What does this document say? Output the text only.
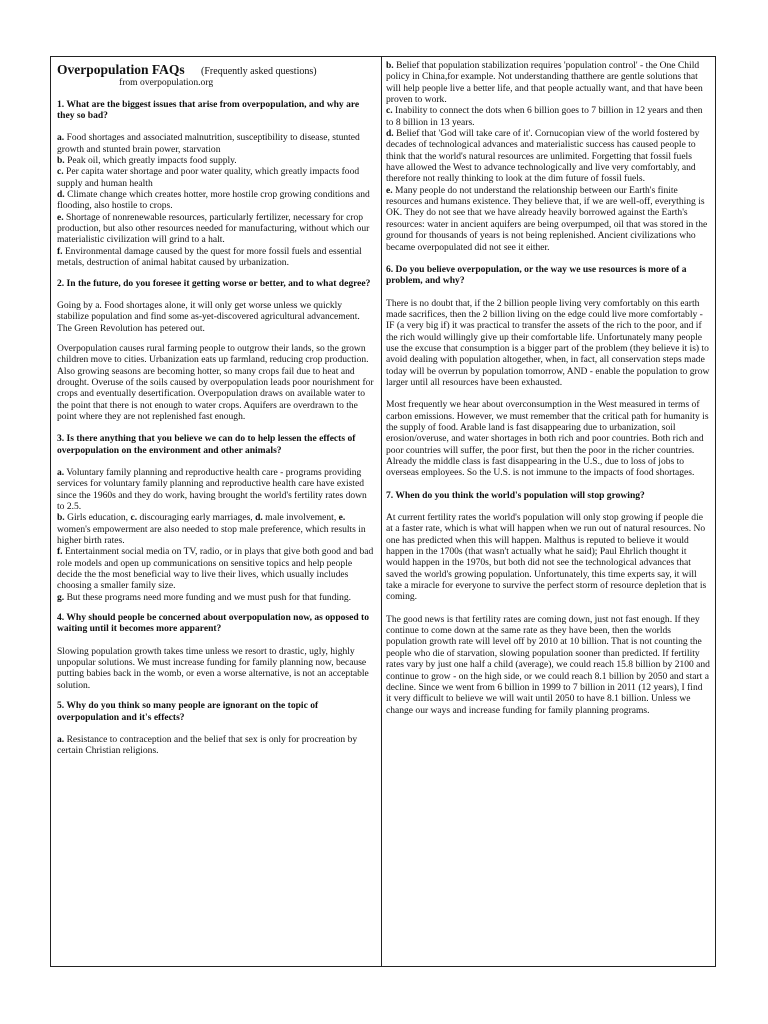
Overpopulation FAQs (Frequently asked questions)
from overpopulation.org
1. What are the biggest issues that arise from overpopulation, and why are they so bad?
a. Food shortages and associated malnutrition, susceptibility to disease, stunted growth and stunted brain power, starvation
b. Peak oil, which greatly impacts food supply.
c. Per capita water shortage and poor water quality, which greatly impacts food supply and human health
d. Climate change which creates hotter, more hostile crop growing conditions and flooding, also hostile to crops.
e. Shortage of nonrenewable resources, particularly fertilizer, necessary for crop production, but also other resources needed for manufacturing, without which our materialistic civilization will grind to a halt.
f. Environmental damage caused by the quest for more fossil fuels and essential metals, destruction of animal habitat caused by urbanization.
2. In the future, do you foresee it getting worse or better, and to what degree?
Going by a. Food shortages alone, it will only get worse unless we quickly stabilize population and find some as-yet-discovered agricultural advancement. The Green Revolution has petered out.
Overpopulation causes rural farming people to outgrow their lands, so the grown children move to cities. Urbanization eats up farmland, reducing crop production. Also growing seasons are becoming hotter, so many crops fail due to heat and drought. Overuse of the soils caused by overpopulation leads poor nourishment for crops and eventually desertification. Overpopulation draws on available water to the point that there is not enough to water crops. Aquifers are overdrawn to the point where they are not replenished fast enough.
3. Is there anything that you believe we can do to help lessen the effects of overpopulation on the environment and other animals?
a. Voluntary family planning and reproductive health care - programs providing services for voluntary family planning and reproductive health care have existed since the 1960s and they do work, having brought the world's fertility rates down to 2.5.
b. Girls education, c. discouraging early marriages, d. male involvement, e. women's empowerment are also needed to stop male preference, which results in higher birth rates.
f. Entertainment social media on TV, radio, or in plays that give both good and bad role models and open up communications on sensitive topics and help people decide the the most beneficial way to live their lives, which usually includes choosing a smaller family size.
g. But these programs need more funding and we must push for that funding.
4. Why should people be concerned about overpopulation now, as opposed to waiting until it becomes more apparent?
Slowing population growth takes time unless we resort to drastic, ugly, highly unpopular solutions. We must increase funding for family planning now, because putting babies back in the womb, or even a worse alternative, is not an acceptable solution.
5. Why do you think so many people are ignorant on the topic of overpopulation and it's effects?
a. Resistance to contraception and the belief that sex is only for procreation by certain Christian religions.
b. Belief that population stabilization requires 'population control' - the One Child policy in China,for example. Not understanding thatthere are gentle solutions that will help people live a better life, and that people actually want, and that have been proven to work.
c. Inability to connect the dots when 6 billion goes to 7 billion in 12 years and then to 8 billion in 13 years.
d. Belief that 'God will take care of it'. Cornucopian view of the world fostered by decades of technological advances and materialistic success has caused people to think that the world's natural resources are unlimited. Forgetting that fossil fuels have allowed the West to advance technologically and live very comfortably, and therefore not really thinking to look at the dim future of fossil fuels.
e. Many people do not understand the relationship between our Earth's finite resources and humans existence. They believe that, if we are well-off, everything is OK. They do not see that we have already heavily borrowed against the Earth's resources: water in ancient aquifers are being overpumped, oil that was stored in the ground for thousands of years is not being replenished. Ancient civilizations who became overpopulated did not see it either.
6. Do you believe overpopulation, or the way we use resources is more of a problem, and why?
There is no doubt that, if the 2 billion people living very comfortably on this earth made sacrifices, then the 2 billion living on the edge could live more comfortably - IF (a very big if) it was practical to transfer the assets of the rich to the poor, and if the rich would willingly give up their comfortable life. Unfortunately many people use the excuse that consumption is a bigger part of the problem (they believe it is) to avoid dealing with population altogether, when, in fact, all conservation steps made today will be overrun by population tomorrow, AND - enable the population to grow larger until all resources have been exhausted.
Most frequently we hear about overconsumption in the West measured in terms of carbon emissions. However, we must remember that the critical path for humanity is the supply of food. Arable land is fast disappearing due to urbanization, soil erosion/overuse, and water shortages in both rich and poor countries. Both rich and poor countries will suffer, the poor first, but then the poor in the richer countries. Already the middle class is fast disappearing in the U.S., due to loss of jobs to overseas employees. So the U.S. is not immune to the impacts of food shortages.
7. When do you think the world's population will stop growing?
At current fertility rates the world's population will only stop growing if people die at a faster rate, which is what will happen when we run out of natural resources. No one has predicted when this will happen. Malthus is reputed to believe it would happen in the 1700s (that wasn't actually what he said); Paul Ehrlich thought it would happen in the 1970s, but both did not see the technological advances that saved the world's growing population. Unfortunately, this time experts say, it will take a miracle for everyone to survive the perfect storm of resource depletion that is coming.
The good news is that fertility rates are coming down, just not fast enough. If they continue to come down at the same rate as they have been, then the worlds population growth rate will level off by 2010 at 10 billion. That is not counting the people who die of starvation, slowing population sooner than predicted. If fertility rates vary by just one half a child (average), we could reach 15.8 billion by 2100 and continue to grow - on the high side, or we could reach 8.1 billion by 2050 and start a decline. Since we went from 6 billion in 1999 to 7 billion in 2011 (12 years), I find it very difficult to believe we will wait until 2050 to have 8.1 billion. Unless we change our ways and increase funding for family planning programs.
